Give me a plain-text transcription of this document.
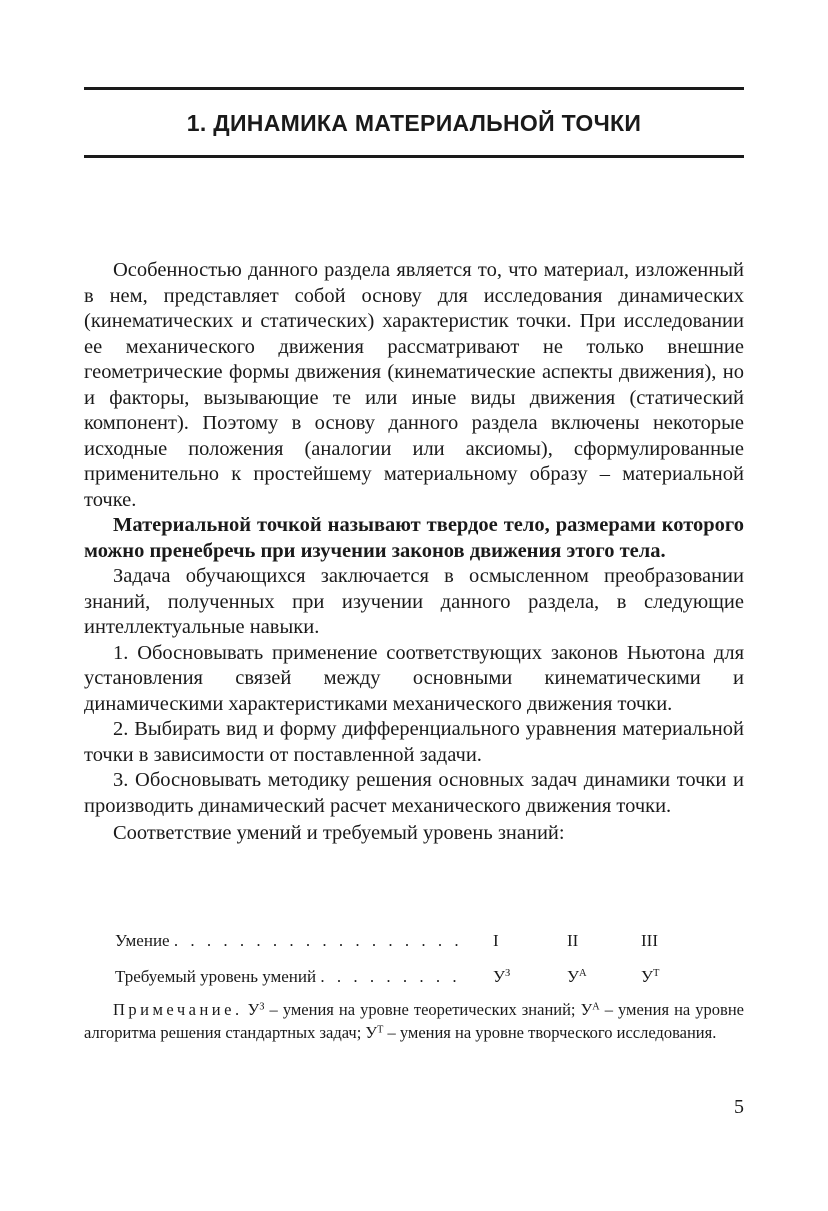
1. ДИНАМИКА МАТЕРИАЛЬНОЙ ТОЧКИ

Особенностью данного раздела является то, что материал, изложенный в нем, представляет собой основу для исследования динамических (кинематических и статических) характеристик точки. При исследовании ее механического движения рассматривают не только внешние геометрические формы движения (кинематические аспекты движения), но и факторы, вызывающие те или иные виды движения (статический компонент). Поэтому в основу данного раздела включены некоторые исходные положения (аналогии или аксиомы), сформулированные применительно к простейшему материальному образу – материальной точке.

Материальной точкой называют твердое тело, размерами которого можно пренебречь при изучении законов движения этого тела.

Задача обучающихся заключается в осмысленном преобразовании знаний, полученных при изучении данного раздела, в следующие интеллектуальные навыки.

1. Обосновывать применение соответствующих законов Ньютона для установления связей между основными кинематическими и динамическими характеристиками механического движения точки.

2. Выбирать вид и форму дифференциального уравнения материальной точки в зависимости от поставленной задачи.

3. Обосновывать методику решения основных задач динамики точки и производить динамический расчет механического движения точки.

Соответствие умений и требуемый уровень знаний:

Умение . . . . . . . . . . . . . . . . . .	I	II	III
Требуемый уровень умений . . . . . . . . .	$У^З$	$У^А$	$У^Т$

Примечание. $У^З$ – умения на уровне теоретических знаний; $У^А$ – умения на уровне алгоритма решения стандартных задач; $У^Т$ – умения на уровне творческого исследования.

5
